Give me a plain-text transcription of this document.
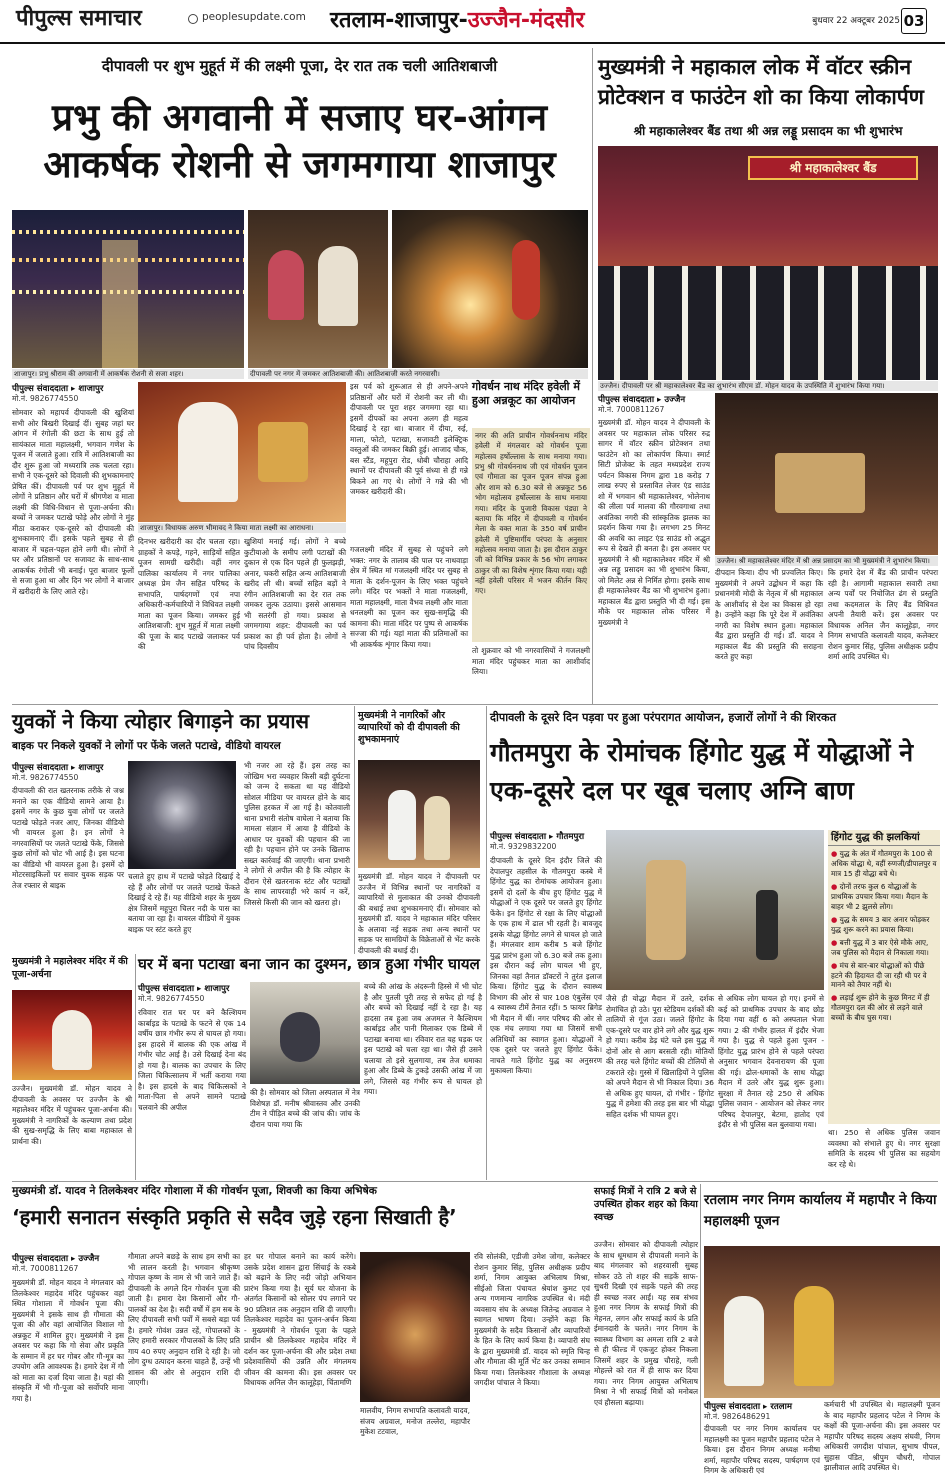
पीपुल्स समाचार	peoplesupdate.com	रतलाम-शाजापुर-उज्जैन-मंदसौर	बुधवार 22 अक्टूबर 2025 03
दीपावली पर शुभ मुहूर्त में की लक्ष्मी पूजा, देर रात तक चली आतिशबाजी
प्रभु की अगवानी में सजाए घर-आंगन आकर्षक रोशनी से जगमगाया शाजापुर
शाजापुर। प्रभु श्रीराम की अगवानी में आकर्षक रोशनी से सजा शहर।	दीपावली पर नगर में जमकर आतिशबाजी की। आतिशबाजी करते नगरवासी।
पीपुल्स संवाददाता ▸ शाजापुर
मो.नं. 9826774550
सोमवार को महापर्व दीपावली की खुशियां सभी ओर बिखरी दिखाई दीं। सुबह जहां घर आंगन में रंगोली की छटा के साथ हुई तो सायंकाल माता महालक्ष्मी, भगवान गणेश के पूजन में जलाते हुआ। रात्रि में आतिशबाजी का दौर शुरू हुआ जो मध्यरात्रि तक चलता रहा। सभी ने एक-दूसरे को दिवाली की शुभकामनाएं प्रेषित कीं। दीपावली पर्व पर शुभ मुहूर्त में लोगों ने प्रतिष्ठान और घरों में श्रीगणेश व माता लक्ष्मी की विधि-विधान से पूजा-अर्चना की। बच्चों ने जमकर पटाखे फोड़े और लोगों ने मुंह मीठा कराकर एक-दूसरे को दीपावली की शुभकामनाएं दीं। इसके पहले सुबह से ही बाजार में चहल-पहल होने लगी थी। लोगों ने घर और प्रतिष्ठानों पर सजावट के साथ-साथ आकर्षक रंगोली भी बनाई। पूरा बाजार फूलों से सजा हुआ था और दिन भर लोगों ने बाजार में खरीदारी के लिए आते रहे।
शाजापुर। विधायक अरुण भीमावद ने किया माता लक्ष्मी का आराधना।
दिनभर खरीदारी का दौर चलता रहा। ग्राहकों ने कपड़े, गहने, साड़ियों सहित पूजन सामग्री खरीदी। वहीं नगर पालिका कार्यालय में नगर पालिका अध्यक्ष प्रेम जैन सहित परिषद के सभापति, पार्षदगणों एवं नपा अधिकारी-कर्मचारियों ने विधिवत लक्ष्मी माता का पूजन किया। जमकर हुई आतिशबाजी: शुभ मुहूर्त में माता लक्ष्मी की पूजा के बाद पटाखे जलाकर पर्व की
खुशियां मनाई गई। लोगों ने बच्चे कुटीयाओ के समीप लगी पटाखों की दुकान से एक दिन पहले ही फुलझड़ी, अनार, चकरी सहित अन्य आतिशबाजी खरीद ली थी। बच्चों सहित बड़ों ने रंगीन आतिशबाजी का देर रात तक जमकर लुत्फ उठाया। इससे आसमान भी सतरंगी हो गया। प्रकाश से जगमगाया शहर: दीपावली का पर्व प्रकाश का ही पर्व होता है। लोगों ने पांच दिवसीय
इस पर्व को शुरूआत से ही अपने-अपने प्रतिष्ठानों और घरों में रोशनी कर ली थी। दीपावली पर पूरा शहर जगमगा रहा था। इसमें दीपकों का अपना अलग ही महत्व दिखाई दे रहा था। बाजार में दीया, रुई, माला, फोटो, पटाखा, सजावटी इलेक्ट्रिक वस्तुओं की जमकर बिक्री हुई। आजाद चौक, बस स्टैंड, महूपुरा रोड, धोबी चौराहा आदि स्थानों पर दीपावली की पूर्व संध्या से ही गन्ने बिकने आ गए थे। लोगों ने गन्ने की भी जमकर खरीदारी की।
गजलक्ष्मी मंदिर में सुबह से पहुंचने लगे भक्त: नगर के तालाब की पाल पर नाथवाड़ा क्षेत्र में स्थित मां गजलक्ष्मी मंदिर पर सुबह से माता के दर्शन-पूजन के लिए भक्त पहुंचने लगे। मंदिर पर भक्तों ने माता गजलक्ष्मी, माता महालक्ष्मी, माता वैभव लक्ष्मी और माता धनलक्ष्मी का पूजन कर सुख-समृद्धि की कामना की। माता मंदिर पर पुष्प से आकर्षक सज्जा की गई। यहां माता की प्रतिमाओं का भी आकर्षक शृंगार किया गया।
गोवर्धन नाथ मंदिर हवेली में हुआ अन्नकूट का आयोजन
नगर की अति प्राचीन गोवर्धननाथ मंदिर हवेली में मंगलवार को गोवर्धन पूजा महोत्सव हर्षोल्लास के साथ मनाया गया। प्रभु श्री गोवर्धननाथ जी एवं गोवर्धन पूजन एवं गौमाता का पूजन पूजन संपन्न हुआ और शाम को 6.30 बजे से अन्नकूट 56 भोग महोत्सव हर्षोल्लास के साथ मनाया गया। मंदिर के पुजारी विकास पंड्या ने बताया कि मंदिर में दीपावली व गोवर्धन मेला के वक्त माता के 350 वर्ष प्राचीन हवेली में पुष्टिमार्गीय परंपरा के अनुसार महोत्सव मनाया जाता है। इस दौरान ठाकुर जी को विभिन्न प्रकार के 56 भोग लगाकर ठाकुर जी का विशेष शृंगार किया गया। यही नहीं हवेली परिसर में भजन कीर्तन किए गए।
तो शुक्रवार को भी नगरवासियों ने गजलक्ष्मी माता मंदिर पहुंचकर माता का आशीर्वाद लिया।
मुख्यमंत्री ने महाकाल लोक में वॉटर स्क्रीन प्रोटेक्शन व फाउंटेन शो का किया लोकार्पण
श्री महाकालेश्वर बैंड तथा श्री अन्न लड्डू प्रसादम का भी शुभारंभ
श्री महाकालेश्वर बैंड
उज्जैन। दीपावली पर श्री महाकालेश्वर बैंड का शुभारंभ सीएम डॉ. मोहन यादव के उपस्थिति में शुभारंभ किया गया।
पीपुल्स संवाददाता ▸ उज्जैन
मो.नं. 7000811267
मुख्यमंत्री डॉ. मोहन यादव ने दीपावली के अवसर पर महाकाल लोक परिसर रुद्र सागर में वॉटर स्क्रीन प्रोटेक्शन तथा फाउंटेन शो का लोकार्पण किया। स्मार्ट सिटी प्रोजेक्ट के तहत मध्यप्रदेश राज्य पर्यटन विकास निगम द्वारा 18 करोड़ 7 लाख रुपए से प्रस्तावित लेजर एंड साउंड शो में भगवान श्री महाकालेश्वर, भोलेनाथ की लीला पर्व मालवा की गौरवगाथा तथा अवंतिका नगरी की सांस्कृतिक झलक का प्रदर्शन किया गया है। लगभग 25 मिनट की अवधि का लाइट एंड साउंड शो अद्भुत रूप से देखते ही बनता है। इस अवसर पर मुख्यमंत्री ने श्री महाकालेश्वर मंदिर में श्री अन्न लड्डू प्रसादम का भी शुभारंभ किया, जो मिलेट अन्न से निर्मित होगा। इसके साथ ही महाकालेश्वर बैंड का भी शुभारंभ हुआ। महाकाल बैंड द्वारा प्रस्तुति भी दी गई। इस मौके पर महाकाल लोक परिसर में मुख्यमंत्री ने
उज्जैन। श्री महाकालेश्वर मंदिर में श्री अन्न प्रसादम का भी मुख्यमंत्री ने शुभारंभ किया।
दीपदान किया। दीप भी प्रज्वलित किए। मुख्यमंत्री ने अपने उद्बोधन में कहा कि प्रधानमंत्री मोदी के नेतृत्व में श्री महाकाल के आशीर्वाद से देश का विकास हो रहा है। उन्होंने कहा कि पूरे देश में अवंतिका नगरी का विशेष स्थान हुआ। महाकाल बैंड द्वारा प्रस्तुति दी गई। डॉ. यादव ने महाकाल बैंड की प्रस्तुति की सराहना करते हुए कहा
कि हमारे देश में बैंड की प्राचीन परंपरा रही है। आगामी महाकाल सवारी तथा अन्य पर्वों पर नियोजित ढंग से प्रस्तुति तथा कदमताल के लिए बैंड विधिवत अपनी तैयारी करें। इस अवसर पर विधायक अनिल जैन कालूहेड़ा, नगर निगम सभापति कलावती यादव, कलेक्टर रोशन कुमार सिंह, पुलिस अधीक्षक प्रदीप शर्मा आदि उपस्थित थे।
युवकों ने किया त्योहार बिगाड़ने का प्रयास
बाइक पर निकले युवकों ने लोगों पर फेंके जलते पटाखे, वीडियो वायरल
पीपुल्स संवाददाता ▸ शाजापुर
मो.नं. 9826774550
दीपावली की रात खतरनाक तरीके से जश्न मनाने का एक वीडियो सामने आया है। इसमें नगर के कुछ युवा लोगों पर जलते पटाखे फोड़ते नजर आए, जिनका वीडियो भी वायरल हुआ है। इन लोगों ने नगरवासियों पर जलते पटाखे फेंके, जिससे कुछ लोगों को चोट भी आई है। इस घटना का वीडियो भी वायरल हुआ है। इसमें दो मोटरसाइकिलों पर सवार युवक सड़क पर तेज रफ्तार से बाइक
चलाते हुए हाथ में पटाखे फोड़ते दिखाई दे रहे हैं और लोगों पर जलते पटाखे फेंकते दिखाई दे रहे हैं। यह वीडियो शहर के मुख्य क्षेत्र जिसमें महूपुरा चिलर नदी के पास का बताया जा रहा है। वायरल वीडियो में युवक बाइक पर स्टंट करते हुए
भी नजर आ रहे हैं। इस तरह का जोखिम भरा व्यवहार किसी बड़ी दुर्घटना को जन्म दे सकता था यह वीडियो सोशल मीडिया पर वायरल होने के बाद पुलिस हरकत में आ गई है। कोतवाली थाना प्रभारी संतोष वाघेला ने बताया कि मामला संज्ञान में आया है वीडियो के आधार पर युवकों की पहचान की जा रही है। पहचान होने पर उनके खिलाफ सख्त कार्रवाई की जाएगी। थाना प्रभारी ने लोगों से अपील की है कि त्योहार के दौरान ऐसे खतरनाक स्टंट और पटाखों के साथ लापरवाही भरे कार्य न करें, जिससे किसी की जान को खतरा हो।
मुख्यमंत्री ने नागरिकों और व्यापारियों को दी दीपावली की शुभकामनाएं
मुख्यमंत्री डॉ. मोहन यादव ने दीपावली पर उज्जैन में विभिन्न स्थानों पर नागरिकों व व्यापारियों से मुलाकात की उनको दीपावली की बधाई तथा शुभकामनाएं दीं। सोमवार को मुख्यमंत्री डॉ. यादव ने महाकाल मंदिर परिसर के अलावा नई सड़क तथा अन्य स्थानों पर सड़क पर सामग्रियों के विक्रेताओं से भेंट करके दीपावली की बधाई दी।
मुख्यमंत्री ने महालेश्वर मंदिर में की पूजा-अर्चना
उज्जैन। मुख्यमंत्री डॉ. मोहन यादव ने दीपावली के अवसर पर उज्जैन के श्री महालेश्वर मंदिर में पहुंचकर पूजा-अर्चना की। मुख्यमंत्री ने नागरिकों के कल्याण तथा प्रदेश की सुख-समृद्धि के लिए बाबा महाकाल से प्रार्थना की।
घर में बना पटाखा बना जान का दुश्मन, छात्र हुआ गंभीर घायल
पीपुल्स संवाददाता ▸ शाजापुर
मो.नं. 9826774550
रविवार रात घर पर बने कैल्शियम कार्बाइड के पटाखे के फटने से एक 14 वर्षीय छात्र गंभीर रूप से घायल हो गया। इस हादसे में बालक की एक आंख में गंभीर चोट आई है। उसे दिखाई देना बंद हो गया है। बालक का उपचार के लिए जिला चिकित्सालय में भर्ती कराया गया है। इस हादसे के बाद चिकित्सकों ने माता-पिता से अपने सामने पटाखे चलवाने की अपील
की है। सोमवार को जिला अस्पताल में नेत्र विशेषज्ञ डॉ. मनीष श्रीवास्तव और उनकी टीम ने पीड़ित बच्चे की जांच की। जांच के दौरान पाया गया कि
बच्चे की आंख के अंदरूनी हिस्से में भी चोट है और पुतली पूरी तरह से सफेद हो गई है और बच्चे को दिखाई नहीं दे रहा है। यह हादसा तब हुआ जब अजमल ने कैल्शियम कार्बाइड और पानी मिलाकर एक डिब्बे में पटाखा बनाया था। रविवार रात यह घड़क पर इस पटाखे को चला रहा था। जैसे ही उसने चलाया तो इसे सुलगाया, तब तेज धमाका हुआ और डिब्बे के टुकड़े उसकी आंख में जा लगे, जिससे वह गंभीर रूप से घायल हो गया।
दीपावली के दूसरे दिन पड़वा पर हुआ परंपरागत आयोजन, हजारों लोगों ने की शिरकत
गौतमपुरा के रोमांचक हिंगोट युद्ध में योद्धाओं ने एक-दूसरे दल पर खूब चलाए अग्नि बाण
पीपुल्स संवाददाता ▸ गौतमपुरा
मो.नं. 9329832200
दीपावली के दूसरे दिन इंदौर जिले की देपालपुर तहसील के गौतमपुरा कस्बे में हिंगोट युद्ध का रोमांचक आयोजन हुआ। इसमें दो दलों के बीच हुए हिंगोट युद्ध में योद्धाओं ने एक दूसरे पर जलते हुए हिंगोट फेंके। इन हिंगोट से रक्षा के लिए योद्धाओं के एक हाथ में ढाल भी रहती है। बावजूद इसके योद्धा हिंगोट लगने से घायल हो जाते हैं। मंगलवार शाम करीब 5 बजे हिंगोट युद्ध प्रारंभ हुआ जो 6.30 बजे तक हुआ। इस दौरान कई लोग घायल भी हुए, जिनका वहां तैनात डॉक्टरों ने तुरंत इलाज किया। हिंगोट युद्ध के दौरान स्वास्थ्य विभाग की ओर से चार 108 एंबुलेंस एवं 4 स्वास्थ्य टीमें तैनात रहीं। 5 फायर ब्रिगेड भी मैदान में थीं। नगर परिषद की ओर से एक मंच लगाया गया था जिसमें सभी अतिथियों का स्वागत हुआ। योद्धाओं ने एक दूसरे पर जलते हुए हिंगोट फेंके। नाचते गाते हिंगोट युद्ध का अनुसरण मुकाबला किया।
जैसे ही योद्धा मैदान में उतरे, दर्शक रोमांचित हो उठे। पूरा स्टेडियम दर्शकों की तालियों से गूंज उठा। जलते हिंगोट के एक-दूसरे पर वार होने लगे और युद्ध शुरू हो गया। करीब डेढ़ घंटे चले इस युद्ध में दोनों ओर से आग बरसती रही। मोतियों की तरह चले हिंगोट बच्चों की टोलियों से टकराते रहे। गुस्से में खिलाड़ियों ने पुलिस को अपने मैदान से भी निकाल दिया। 36 से अधिक हुए घायल, दो गंभीर - हिंगोट युद्ध में हमेशा की तरह इस बार भी योद्धा सहित दर्शक भी घायल हुए।
से अधिक लोग घायल हो गए। इनमें से कई को प्राथमिक उपचार के बाद छोड़ दिया गया वहीं 6 को अस्पताल भेजा गया। 2 की गंभीर हालत में इंदौर भेजा गया है। युद्ध से पहले हुआ पूजन - हिंगोट युद्ध प्रारंभ होने से पहले परंपरा अनुसार भगवान देवनारायण की पूजा की गई। ढोल-धमाकों के साथ योद्धा मैदान में उतरे और युद्ध शुरू हुआ। सुरक्षा में तैनात रहे 250 से अधिक पुलिस जवान - आयोजन को लेकर नगर परिषद देपालपुर, बेटमा, हातोद एवं इंदौर से भी पुलिस बल बुलवाया गया।
हिंगोट युद्ध की झलकियां
● युद्ध के अंत में गौतमपुरा के 100 से अधिक योद्धा थे, वहीं रुणजी/डीपालपुर व मात्र 15 ही योद्धा बचे थे।
● दोनों तरफ कुल 6 योद्धाओं के प्राथमिक उपचार किया गया। मैदान के बाहर भी 2 झुलसे लोग।
● युद्ध के समय 3 बार अनार फोड़कर युद्ध शुरू करने का प्रयास किया।
● बत्ती युद्ध में 3 बार ऐसे मौके आए, जब पुलिस को मैदान से निकाला गया।
● मंच से बार-बार योद्धाओं को पीछे हटने की हिदायत दी जा रही थी पर वे मानने को तैयार नहीं थे।
● लड़ाई शुरू होने के कुछ मिनट में ही गौतमपुरा दल की ओर से लड़ने वाले बच्चों के बीच घुस गया।
था। 250 से अधिक पुलिस जवान व्यवस्था को संभाले हुए थे। नगर सुरक्षा समिति के सदस्य भी पुलिस का सहयोग कर रहे थे।
मुख्यमंत्री डॉ. यादव ने तिलकेश्वर मंदिर गोशाला में की गोवर्धन पूजा, शिवजी का किया अभिषेक
‘हमारी सनातन संस्कृति प्रकृति से सदैव जुड़े रहना सिखाती है’
पीपुल्स संवाददाता ▸ उज्जैन
मो.नं. 7000811267
मुख्यमंत्री डॉ. मोहन यादव ने मंगलवार को तिलकेश्वर महादेव मंदिर पहुंचकर वहां स्थित गोशाला में गोवर्धन पूजा की। मुख्यमंत्री ने इसके साथ ही गौमाता की पूजा की और वहां आयोजित विशाल गो अन्नकूट में शामिल हुए। मुख्यमंत्री ने इस अवसर पर कहा कि गो सेवा और प्रकृति के सम्मान में हर घर गोबर और गौ-मूत्र का उपयोग अति आवश्यक है। हमारे देश में गौ को माता का दर्जा दिया जाता है। यहां की संस्कृति में भी गौ-पूजा को सर्वोपरि माना गया है।
गौमाता अपने बछड़े के साथ हम सभी का भी लालन करती है। भगवान श्रीकृष्ण गोपाल कृष्ण के नाम से भी जाने जाते हैं। दीपावली के अगले दिन गोवर्धन पूजा की जाती है। हमारा देश किसानों और गौ-पालकों का देश है। सदी वर्षों में हम सब के लिए दीपावली सभी पर्वों में सबसे बड़ा पर्व है। हमारे गोवंश उन्नत रहें, गोपालकों के लिए हमारी सरकार गौपालकों के लिए प्रति गाय 40 रुपए अनुदान राशि दे रही है। जो लोग दुग्ध उत्पादन करना चाहते हैं, उन्हें भी शासन की ओर से अनुदान राशि दी जाएगी।
हर घर गोपाल बनाने का कार्य करेंगे। उसके प्रदेश शासन द्वारा सिंचाई के रकबे को बढ़ाने के लिए नदी जोड़ो अभियान प्रारंभ किया गया है। सूर्य घर योजना के अंतर्गत किसानों को सोलर पंप लगाने पर 90 प्रतिशत तक अनुदान राशि दी जाएगी। तिलकेश्वर महादेव का पूजन-अर्चन किया - मुख्यमंत्री ने गोवर्धन पूजा के पहले प्राचीन श्री तिलकेश्वर महादेव मंदिर में दर्शन कर पूजा-अर्चना की और प्रदेश तथा प्रदेशवासियों की उन्नति और मंगलमय जीवन की कामना की। इस अवसर पर विधायक अनिल जैन कालूहेड़ा, चिंतामणि
मालवीय, निगम सभापति कलावती यादव, संजय अग्रवाल, मनोज तल्लेरा, महापौर मुकेश टटवाल,
रवि सोलंकी, एडीजी उमेश जोगा, कलेक्टर रोशन कुमार सिंह, पुलिस अधीक्षक प्रदीप शर्मा, निगम आयुक्त अभिलाष मिश्रा, सीईओ जिला पंचायत श्रेयांश कुमट एवं अन्य गणमान्य नागरिक उपस्थित थे। मंदी व्यवसाय संघ के अध्यक्ष जितेन्द्र अग्रवाल ने स्वागत भाषण दिया। उन्होंने कहा कि मुख्यमंत्री के सदैव किसानों और व्यापारियों के हित के लिए कार्य किया है। व्यापारी संघ के द्वारा मुख्यमंत्री डॉ. यादव को स्मृति चिन्ह और गौमाता की मूर्ति भेंट कर उनका सम्मान किया गया। तिलकेश्वर गौशाला के अध्यक्ष जगदीश पांचाल ने किया।
सफाई मित्रों ने रात्रि 2 बजे से उपस्थित होकर शहर को किया स्वच्छ
उज्जैन। सोमवार को दीपावली त्योहार के साथ धूमधाम से दीपावली मनाने के बाद मंगलवार को शहरवासी सुबह सोकर उठे तो शहर की सड़कें साफ-सुथरी दिखी एवं सड़कें पहले की तरह ही स्वच्छ नजर आईं। यह सब संभव हुआ नगर निगम के सफाई मित्रों की मेहनत, लगन और सफाई कार्य के प्रति ईमानदारी के चलते। नगर निगम के स्वास्थ्य विभाग का अमला रात्रि 2 बजे से ही फील्ड में एकजुट होकर निकला जिसमें शहर के प्रमुख चौराहे, गली मोहल्ले को रात में ही साफ कर दिया गया। नगर निगम आयुक्त अभिलाष मिश्रा ने भी सफाई मित्रों को मनोबल एवं हौसला बढ़ाया।
रतलाम नगर निगम कार्यालय में महापौर ने किया महालक्ष्मी पूजन
पीपुल्स संवाददाता ▸ रतलाम
मो.नं. 9826486291
दीपावली पर नगर निगम कार्यालय पर महालक्ष्मी का पूजन महापौर प्रहलाद पटेल ने किया। इस दौरान निगम अध्यक्ष मनीषा शर्मा, महापौर परिषद सदस्य, पार्षदगण एवं निगम के अधिकारी एवं
कर्मचारी भी उपस्थित थे। महालक्ष्मी पूजन के बाद महापौर प्रहलाद पटेल ने निगम के कक्षों की पूजा-अर्चना की। इस अवसर पर महापौर परिषद सदस्य अक्षय संघवी, निगम अधिकारी जगदीश पांचाल, सुभाष पीपल, सुहास पंडित, श्रीपुम चौधरी, गोपाल झालीवाल आदि उपस्थित थे।
